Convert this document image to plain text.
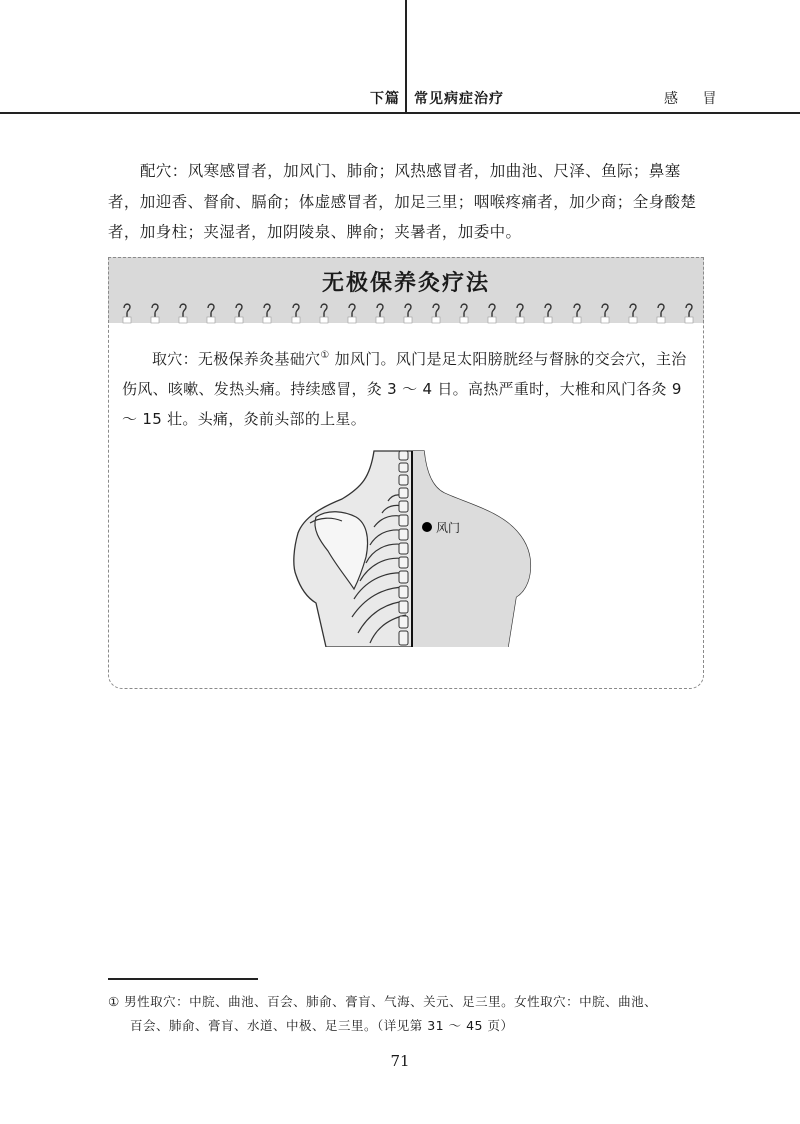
下篇 常见病症治疗	感 冒
配穴：风寒感冒者，加风门、肺俞；风热感冒者，加曲池、尺泽、鱼际；鼻塞者，加迎香、督俞、膈俞；体虚感冒者，加足三里；咽喉疼痛者，加少商；全身酸楚者，加身柱；夹湿者，加阴陵泉、脾俞；夹暑者，加委中。
无极保养灸疗法
取穴：无极保养灸基础穴① 加风门。风门是足太阳膀胱经与督脉的交会穴，主治伤风、咳嗽、发热头痛。持续感冒，灸 3 ～ 4 日。高热严重时，大椎和风门各灸 9 ～ 15 壮。头痛，灸前头部的上星。
风门
① 男性取穴：中脘、曲池、百会、肺俞、膏肓、气海、关元、足三里。女性取穴：中脘、曲池、
百会、肺俞、膏肓、水道、中极、足三里。（详见第 31 ～ 45 页）
71
